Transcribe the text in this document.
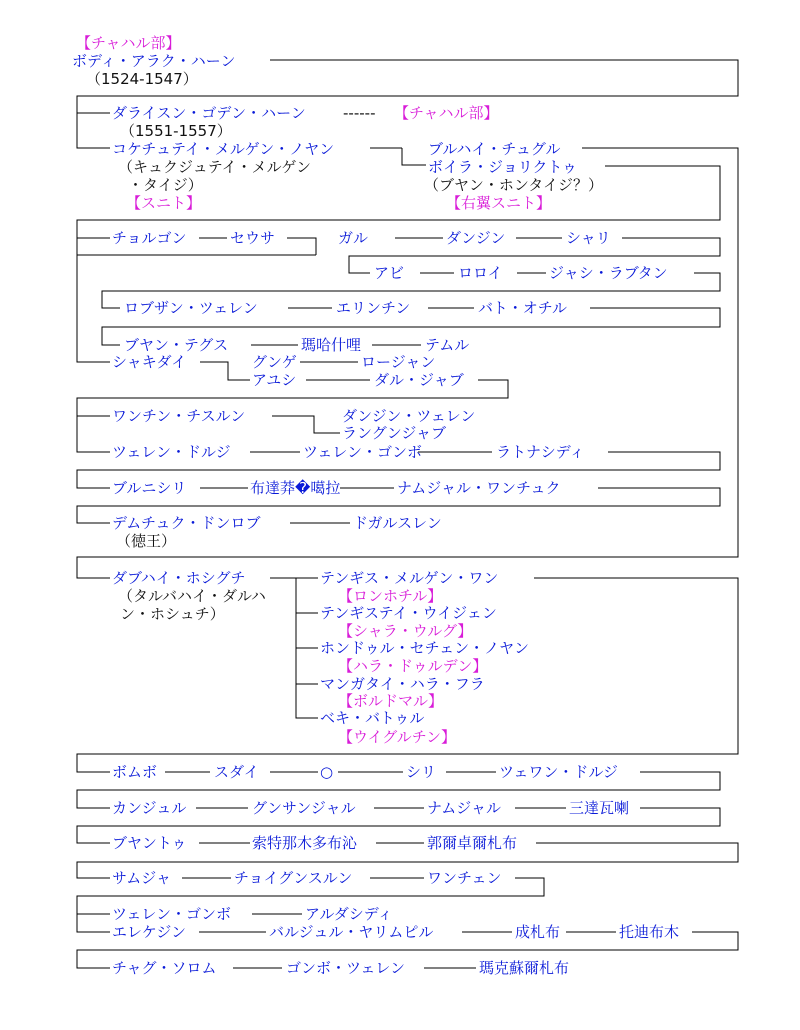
【チャハル部】
ボディ・アラク・ハーン
（1524-1547）
ダライスン・ゴデン・ハーン ‐‐‐‐‐‐ 【チャハル部】
（1551-1557）
コケチュテイ・メルゲン・ノヤン
（キュクジュテイ・メルゲン
・タイジ）
【スニト】
ブルハイ・チュグル
ボイラ・ジョリクトゥ
（ブヤン・ホンタイジ？）
【右翼スニト】
チョルゴン	セウサ	ガル	ダンジン	シャリ
アビ	ロロイ	ジャシ・ラブタン
ロブザン・ツェレン	エリンチン	バト・オチル
ブヤン・テグス	瑪哈什哩	テムル
シャキダイ	グンゲ	ロージャン
アユシ	ダル・ジャブ
ワンチン・チスルン	ダンジン・ツェレン
ラングンジャブ
ツェレン・ドルジ	ツェレン・ゴンボ	ラトナシディ
ブルニシリ	布達莽�噶拉	ナムジャル・ワンチュク
デムチュク・ドンロブ	ドガルスレン
（徳王）
ダブハイ・ホシグチ
（タルバハイ・ダルハ
ン・ホシュチ）
テンギス・メルゲン・ワン
【ロンホチル】
テンギステイ・ウイジェン
【シャラ・ウルグ】
ホンドゥル・セチェン・ノヤン
【ハラ・ドゥルデン】
マンガタイ・ハラ・フラ
【ボルドマル】
ベキ・バトゥル
【ウイグルチン】
ボムボ	スダイ	○	シリ	ツェワン・ドルジ
カンジュル	グンサンジャル	ナムジャル	三達瓦喇
ブヤントゥ	索特那木多布沁	郭爾卓爾札布
サムジャ	チョイグンスルン	ワンチェン
ツェレン・ゴンボ	アルダシディ
エレケジン	バルジュル・ヤリムピル	成札布	托迪布木
チャグ・ソロム	ゴンボ・ツェレン	瑪克蘇爾札布
